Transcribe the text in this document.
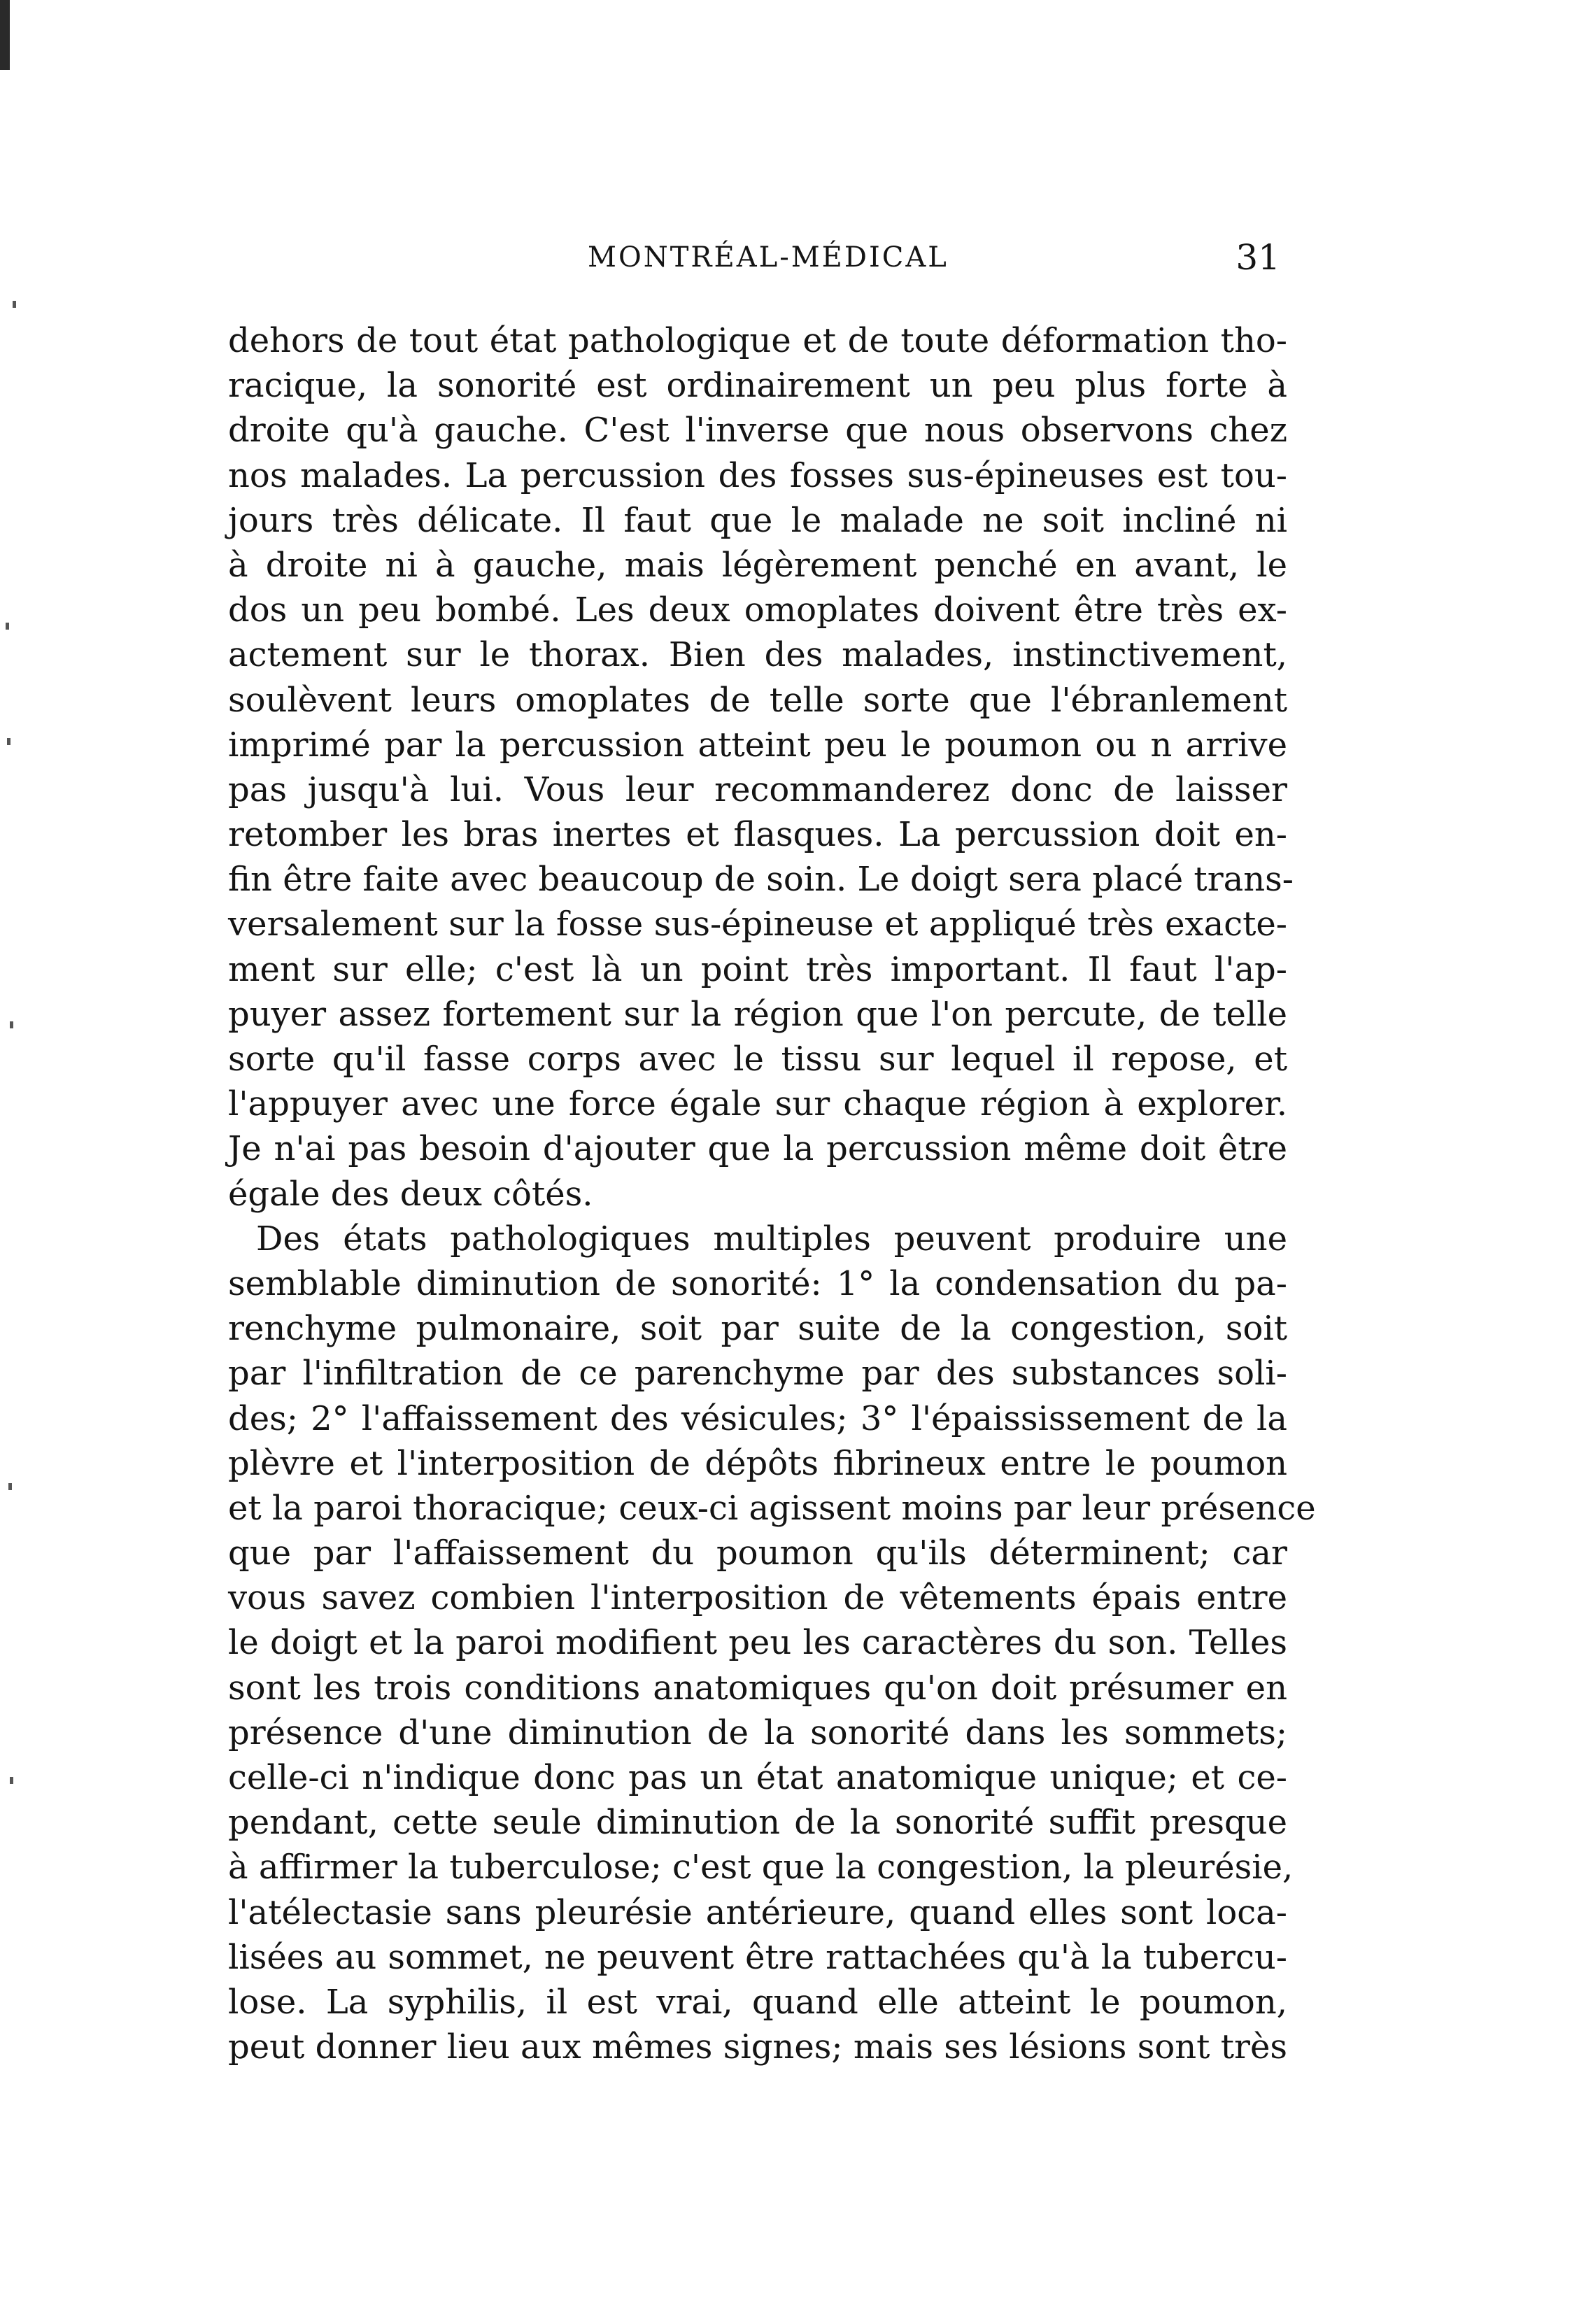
MONTRÉAL-MÉDICAL	31
dehors de tout état pathologique et de toute déformation tho-
racique, la sonorité est ordinairement un peu plus forte à
droite qu'à gauche. C'est l'inverse que nous observons chez
nos malades. La percussion des fosses sus-épineuses est tou-
jours très délicate. Il faut que le malade ne soit incliné ni
à droite ni à gauche, mais légèrement penché en avant, le
dos un peu bombé. Les deux omoplates doivent être très ex-
actement sur le thorax. Bien des malades, instinctivement,
soulèvent leurs omoplates de telle sorte que l'ébranlement
imprimé par la percussion atteint peu le poumon ou n arrive
pas jusqu'à lui. Vous leur recommanderez donc de laisser
retomber les bras inertes et flasques. La percussion doit en-
fin être faite avec beaucoup de soin. Le doigt sera placé trans-
versalement sur la fosse sus-épineuse et appliqué très exacte-
ment sur elle; c'est là un point très important. Il faut l'ap-
puyer assez fortement sur la région que l'on percute, de telle
sorte qu'il fasse corps avec le tissu sur lequel il repose, et
l'appuyer avec une force égale sur chaque région à explorer.
Je n'ai pas besoin d'ajouter que la percussion même doit être
égale des deux côtés.
Des états pathologiques multiples peuvent produire une
semblable diminution de sonorité: 1° la condensation du pa-
renchyme pulmonaire, soit par suite de la congestion, soit
par l'infiltration de ce parenchyme par des substances soli-
des; 2° l'affaissement des vésicules; 3° l'épaississement de la
plèvre et l'interposition de dépôts fibrineux entre le poumon
et la paroi thoracique; ceux-ci agissent moins par leur présence
que par l'affaissement du poumon qu'ils déterminent; car
vous savez combien l'interposition de vêtements épais entre
le doigt et la paroi modifient peu les caractères du son. Telles
sont les trois conditions anatomiques qu'on doit présumer en
présence d'une diminution de la sonorité dans les sommets;
celle-ci n'indique donc pas un état anatomique unique; et ce-
pendant, cette seule diminution de la sonorité suffit presque
à affirmer la tuberculose; c'est que la congestion, la pleurésie,
l'atélectasie sans pleurésie antérieure, quand elles sont loca-
lisées au sommet, ne peuvent être rattachées qu'à la tubercu-
lose. La syphilis, il est vrai, quand elle atteint le poumon,
peut donner lieu aux mêmes signes; mais ses lésions sont très
